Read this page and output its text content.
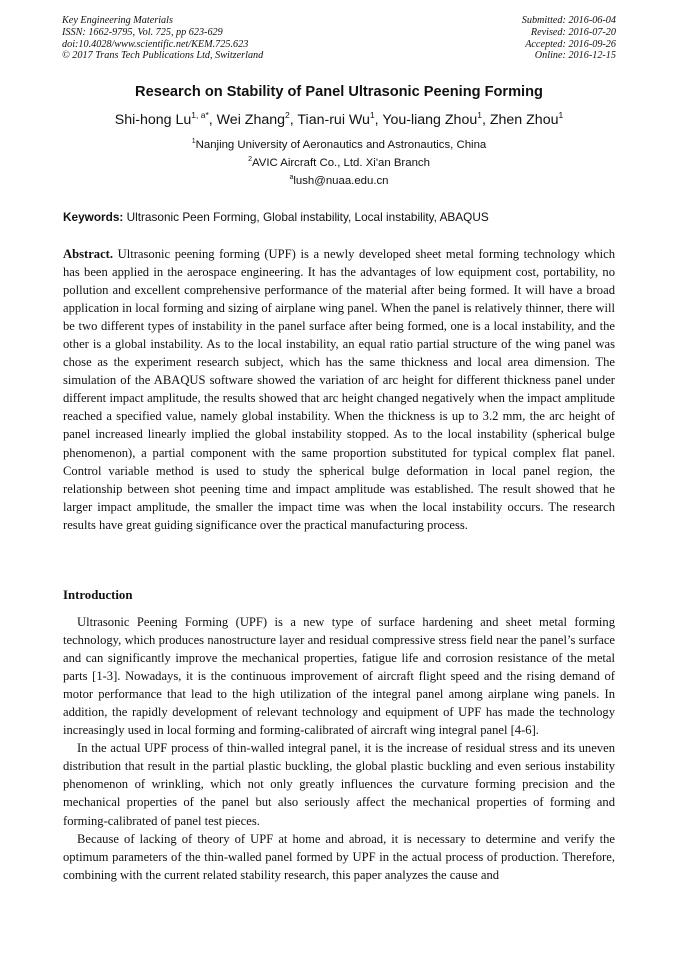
Key Engineering Materials
ISSN: 1662-9795, Vol. 725, pp 623-629
doi:10.4028/www.scientific.net/KEM.725.623
© 2017 Trans Tech Publications Ltd, Switzerland
Submitted: 2016-06-04
Revised: 2016-07-20
Accepted: 2016-09-26
Online: 2016-12-15
Research on Stability of Panel Ultrasonic Peening Forming
Shi-hong $Lu^{1, a*}$, Wei Zhang$^2$, Tian-rui Wu$^1$, You-liang Zhou$^1$, Zhen Zhou$^1$
$^1$Nanjing University of Aeronautics and Astronautics, China
$^2$AVIC Aircraft Co., Ltd. Xi'an Branch
$^a$lush@nuaa.edu.cn
Keywords: Ultrasonic Peen Forming, Global instability, Local instability, ABAQUS
Abstract. Ultrasonic peening forming (UPF) is a newly developed sheet metal forming technology which has been applied in the aerospace engineering. It has the advantages of low equipment cost, portability, no pollution and excellent comprehensive performance of the material after being formed. It will have a broad application in local forming and sizing of airplane wing panel. When the panel is relatively thinner, there will be two different types of instability in the panel surface after being formed, one is a local instability, and the other is a global instability. As to the local instability, an equal ratio partial structure of the wing panel was chose as the experiment research subject, which has the same thickness and local area dimension. The simulation of the ABAQUS software showed the variation of arc height for different thickness panel under different impact amplitude, the results showed that arc height changed negatively when the impact amplitude reached a specified value, namely global instability. When the thickness is up to 3.2 mm, the arc height of panel increased linearly implied the global instability stopped. As to the local instability (spherical bulge phenomenon), a partial component with the same proportion substituted for typical complex flat panel. Control variable method is used to study the spherical bulge deformation in local panel region, the relationship between shot peening time and impact amplitude was established. The result showed that he larger impact amplitude, the smaller the impact time was when the local instability occurs. The research results have great guiding significance over the practical manufacturing process.
Introduction

Ultrasonic Peening Forming (UPF) is a new type of surface hardening and sheet metal forming technology, which produces nanostructure layer and residual compressive stress field near the panel’s surface and can significantly improve the mechanical properties, fatigue life and corrosion resistance of the metal parts [1-3]. Nowadays, it is the continuous improvement of aircraft flight speed and the rising demand of motor performance that lead to the high utilization of the integral panel among airplane wing panels. In addition, the rapidly development of relevant technology and equipment of UPF has made the technology increasingly used in local forming and forming-calibrated of aircraft wing integral panel [4-6].

In the actual UPF process of thin-walled integral panel, it is the increase of residual stress and its uneven distribution that result in the partial plastic buckling, the global plastic buckling and even serious instability phenomenon of wrinkling, which not only greatly influences the curvature forming precision and the mechanical properties of the panel but also seriously affect the mechanical properties of forming and forming-calibrated of panel test pieces.

Because of lacking of theory of UPF at home and abroad, it is necessary to determine and verify the optimum parameters of the thin-walled panel formed by UPF in the actual process of production. Therefore, combining with the current related stability research, this paper analyzes the cause and
